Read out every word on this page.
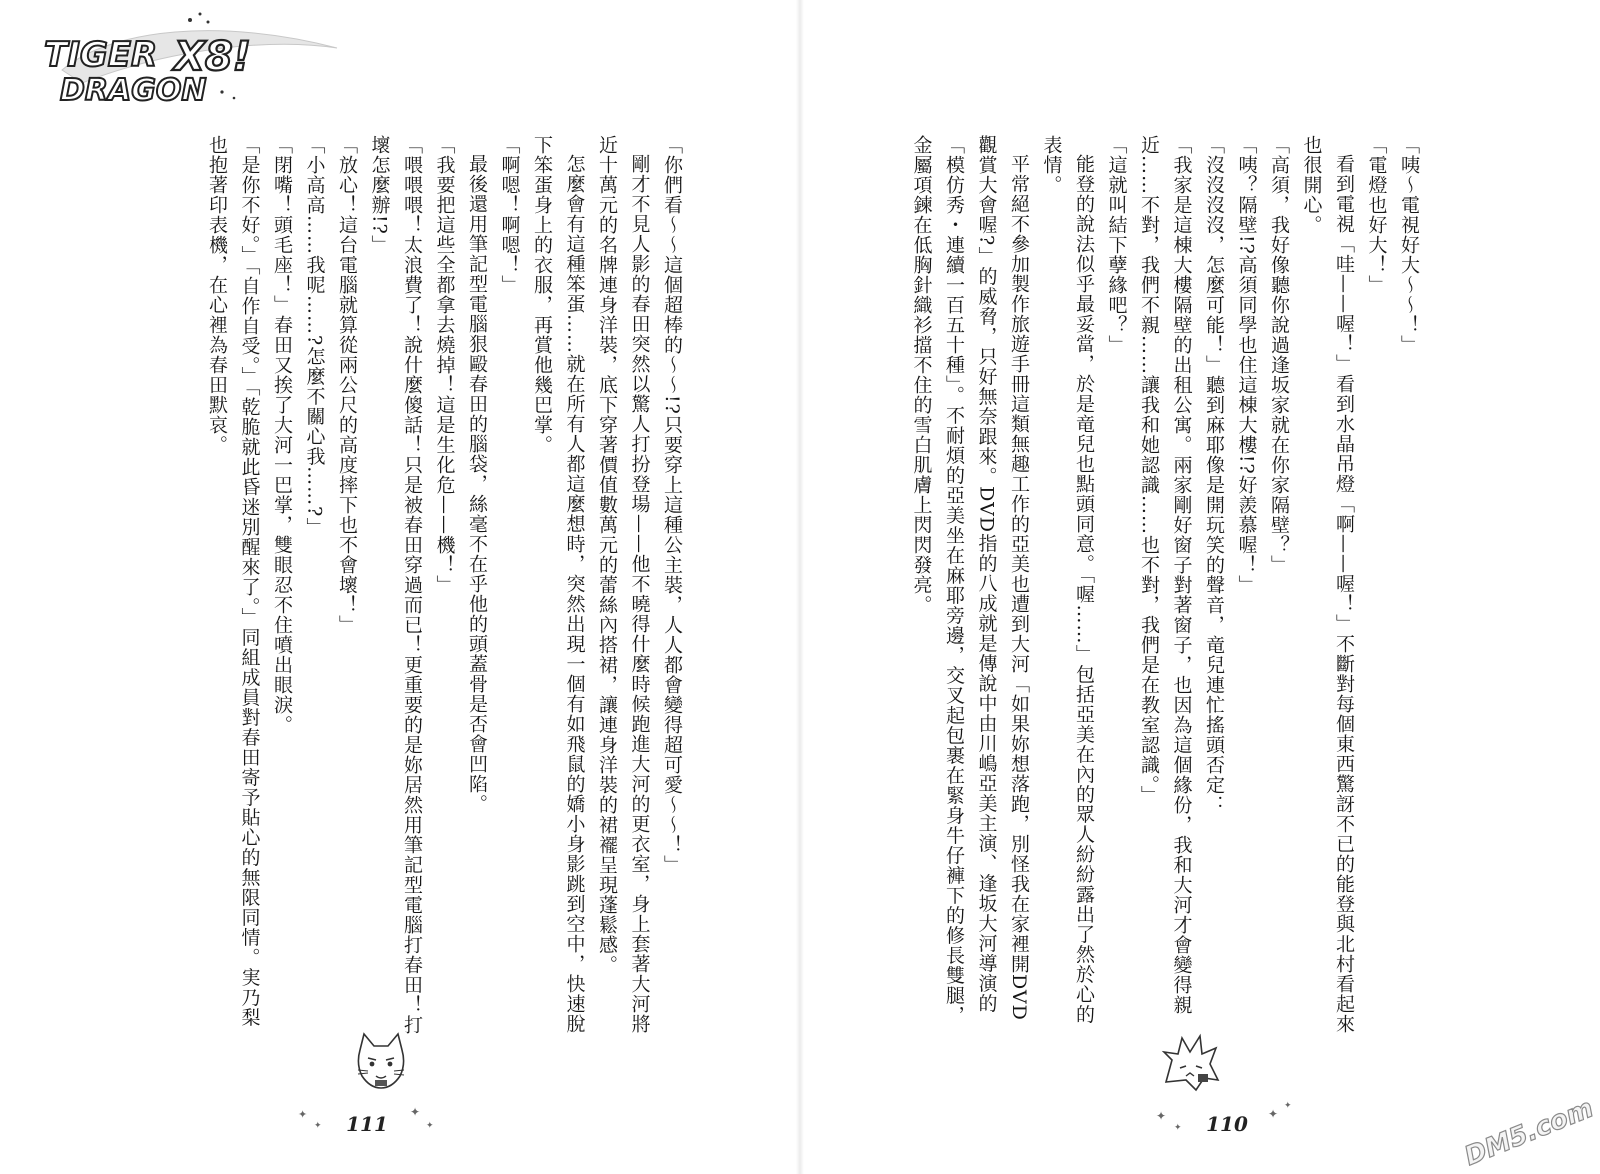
TIGER
DRAGON
X8!

「你們看～～這個超棒的～～!?只要穿上這種公主裝，人人都會變得超可愛～～！」

剛才不見人影的春田突然以驚人打扮登場——他不曉得什麼時候跑進大河的更衣室，身上套著大河將近十萬元的名牌連身洋裝，底下穿著價值數萬元的蕾絲內搭裙，讓連身洋裝的裙襬呈現蓬鬆感。

怎麼會有這種笨蛋……就在所有人都這麼想時，突然出現一個有如飛鼠的嬌小身影跳到空中，快速脫下笨蛋身上的衣服，再賞他幾巴掌。

「啊嗯！啊嗯！」

最後還用筆記型電腦狠毆春田的腦袋，絲毫不在乎他的頭蓋骨是否會凹陷。

「我要把這些全都拿去燒掉！這是生化危——機！」

「喂喂喂！太浪費了！說什麼傻話！只是被春田穿過而已！更重要的是妳居然用筆記型電腦打春田！打壞怎麼辦!?」

「放心！這台電腦就算從兩公尺的高度摔下也不會壞！」

「小高高……我呢……?怎麼不關心我……?」

「閉嘴！頭毛座！」春田又挨了大河一巴掌，雙眼忍不住噴出眼淚。

「是你不好。」「自作自受。」「乾脆就此昏迷別醒來了。」同組成員對春田寄予貼心的無限同情。実乃梨也抱著印表機，在心裡為春田默哀。

✦
✦
✦
✦
111

「咦～電視好大～～！」

「電燈也好大！」

看到電視「哇——喔！」看到水晶吊燈「啊——喔！」不斷對每個東西驚訝不已的能登與北村看起來也很開心。

「高須，我好像聽你說過逢坂家就在你家隔壁？」

「咦？隔壁!?高須同學也住這棟大樓!?好羨慕喔！」

「沒沒沒沒，怎麼可能！」聽到麻耶像是開玩笑的聲音，竜兒連忙搖頭否定：

「我家是這棟大樓隔壁的出租公寓。兩家剛好窗子對著窗子，也因為這個緣份，我和大河才會變得親近……不對，我們不親……讓我和她認識……也不對，我們是在教室認識。」

「這就叫結下孽緣吧？」

能登的說法似乎最妥當，於是竜兒也點頭同意。「喔……」包括亞美在內的眾人紛紛露出了然於心的表情。

平常絕不參加製作旅遊手冊這類無趣工作的亞美也遭到大河「如果妳想落跑，別怪我在家裡開DVD觀賞大會喔?」的威脅，只好無奈跟來。DVD指的八成就是傳說中由川嶋亞美主演、逢坂大河導演的「模仿秀・連續一百五十種」。不耐煩的亞美坐在麻耶旁邊，交叉起包裹在緊身牛仔褲下的修長雙腿，金屬項鍊在低胸針織衫擋不住的雪白肌膚上閃閃發亮。

✦
✦
✦
✦
110	DM5.com
